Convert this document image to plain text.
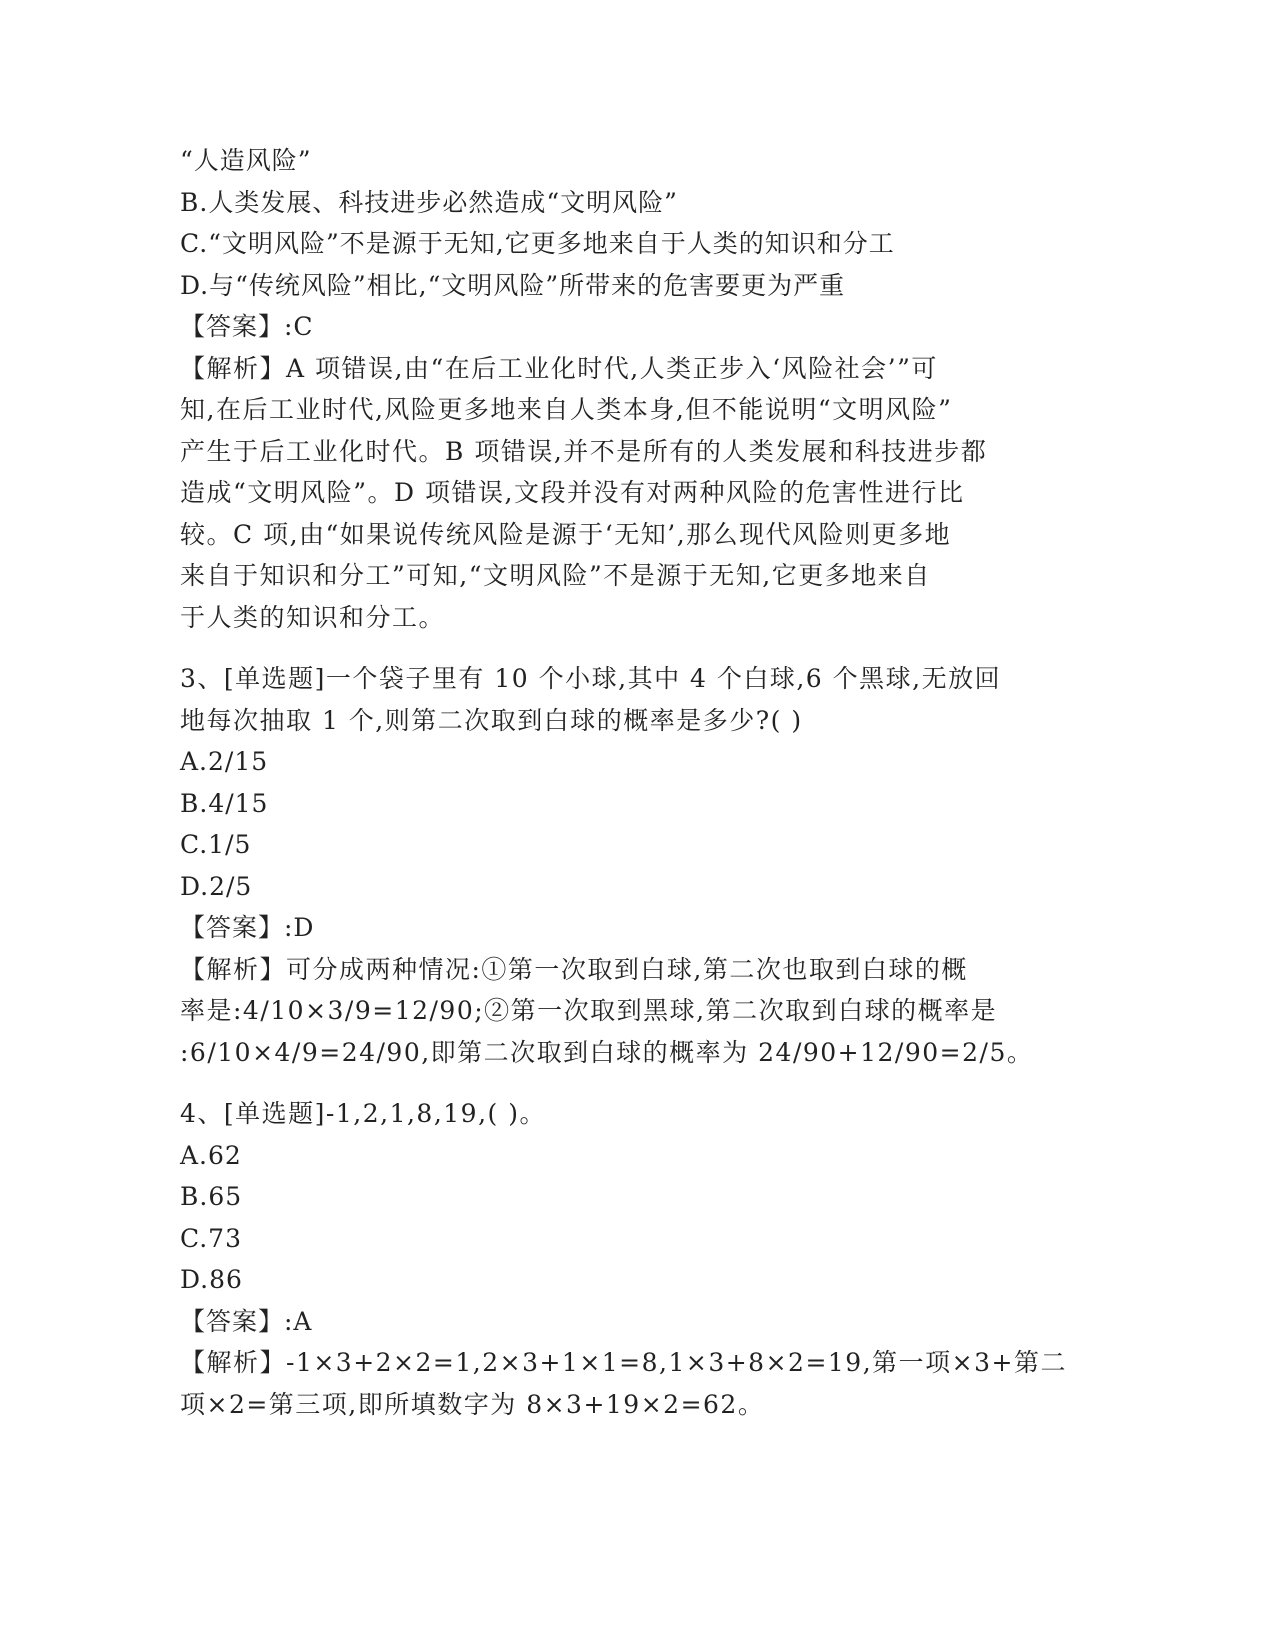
“人造风险”
B.人类发展、科技进步必然造成“文明风险”
C.“文明风险”不是源于无知,它更多地来自于人类的知识和分工
D.与“传统风险”相比,“文明风险”所带来的危害要更为严重
【答案】:C
【解析】A 项错误,由“在后工业化时代,人类正步入‘风险社会’”可
知,在后工业时代,风险更多地来自人类本身,但不能说明“文明风险”
产生于后工业化时代。B 项错误,并不是所有的人类发展和科技进步都
造成“文明风险”。D 项错误,文段并没有对两种风险的危害性进行比
较。C 项,由“如果说传统风险是源于‘无知’,那么现代风险则更多地
来自于知识和分工”可知,“文明风险”不是源于无知,它更多地来自
于人类的知识和分工。
3、[单选题]一个袋子里有 10 个小球,其中 4 个白球,6 个黑球,无放回
地每次抽取 1 个,则第二次取到白球的概率是多少?( )
A.2/15
B.4/15
C.1/5
D.2/5
【答案】:D
【解析】可分成两种情况:①第一次取到白球,第二次也取到白球的概
率是:4/10×3/9=12/90;②第一次取到黑球,第二次取到白球的概率是
:6/10×4/9=24/90,即第二次取到白球的概率为 24/90+12/90=2/5。
4、[单选题]-1,2,1,8,19,( )。
A.62
B.65
C.73
D.86
【答案】:A
【解析】-1×3+2×2=1,2×3+1×1=8,1×3+8×2=19,第一项×3+第二
项×2=第三项,即所填数字为 8×3+19×2=62。
